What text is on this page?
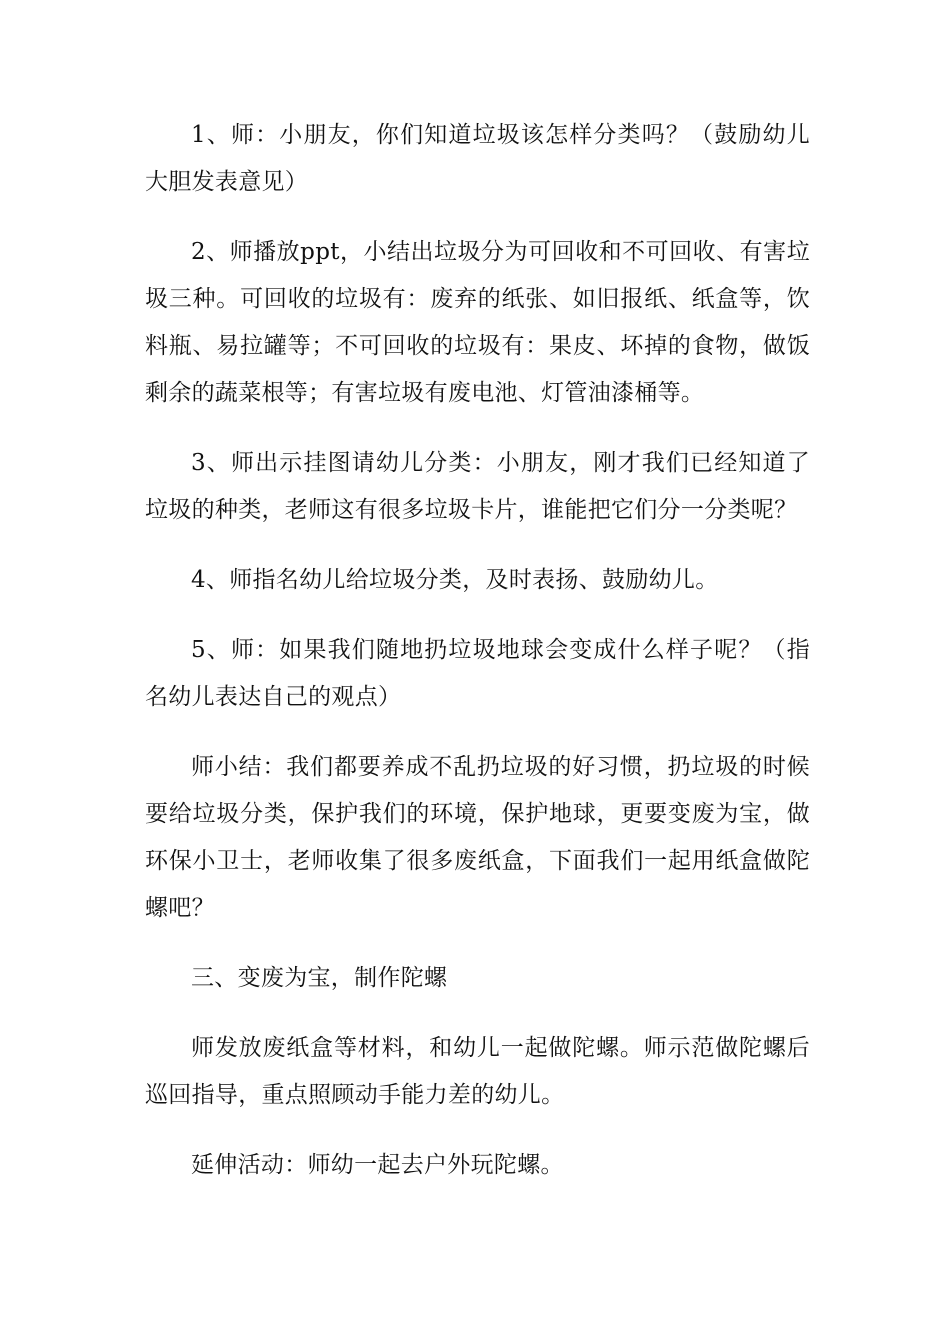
1、师：小朋友，你们知道垃圾该怎样分类吗？（鼓励幼儿大胆发表意见）

2、师播放ppt，小结出垃圾分为可回收和不可回收、有害垃圾三种。可回收的垃圾有：废弃的纸张、如旧报纸、纸盒等，饮料瓶、易拉罐等；不可回收的垃圾有：果皮、坏掉的食物，做饭剩余的蔬菜根等；有害垃圾有废电池、灯管油漆桶等。

3、师出示挂图请幼儿分类：小朋友，刚才我们已经知道了垃圾的种类，老师这有很多垃圾卡片，谁能把它们分一分类呢？

4、师指名幼儿给垃圾分类，及时表扬、鼓励幼儿。

5、师：如果我们随地扔垃圾地球会变成什么样子呢？（指名幼儿表达自己的观点）

师小结：我们都要养成不乱扔垃圾的好习惯，扔垃圾的时候要给垃圾分类，保护我们的环境，保护地球，更要变废为宝，做环保小卫士，老师收集了很多废纸盒，下面我们一起用纸盒做陀螺吧？

三、变废为宝，制作陀螺

师发放废纸盒等材料，和幼儿一起做陀螺。师示范做陀螺后巡回指导，重点照顾动手能力差的幼儿。

延伸活动：师幼一起去户外玩陀螺。
